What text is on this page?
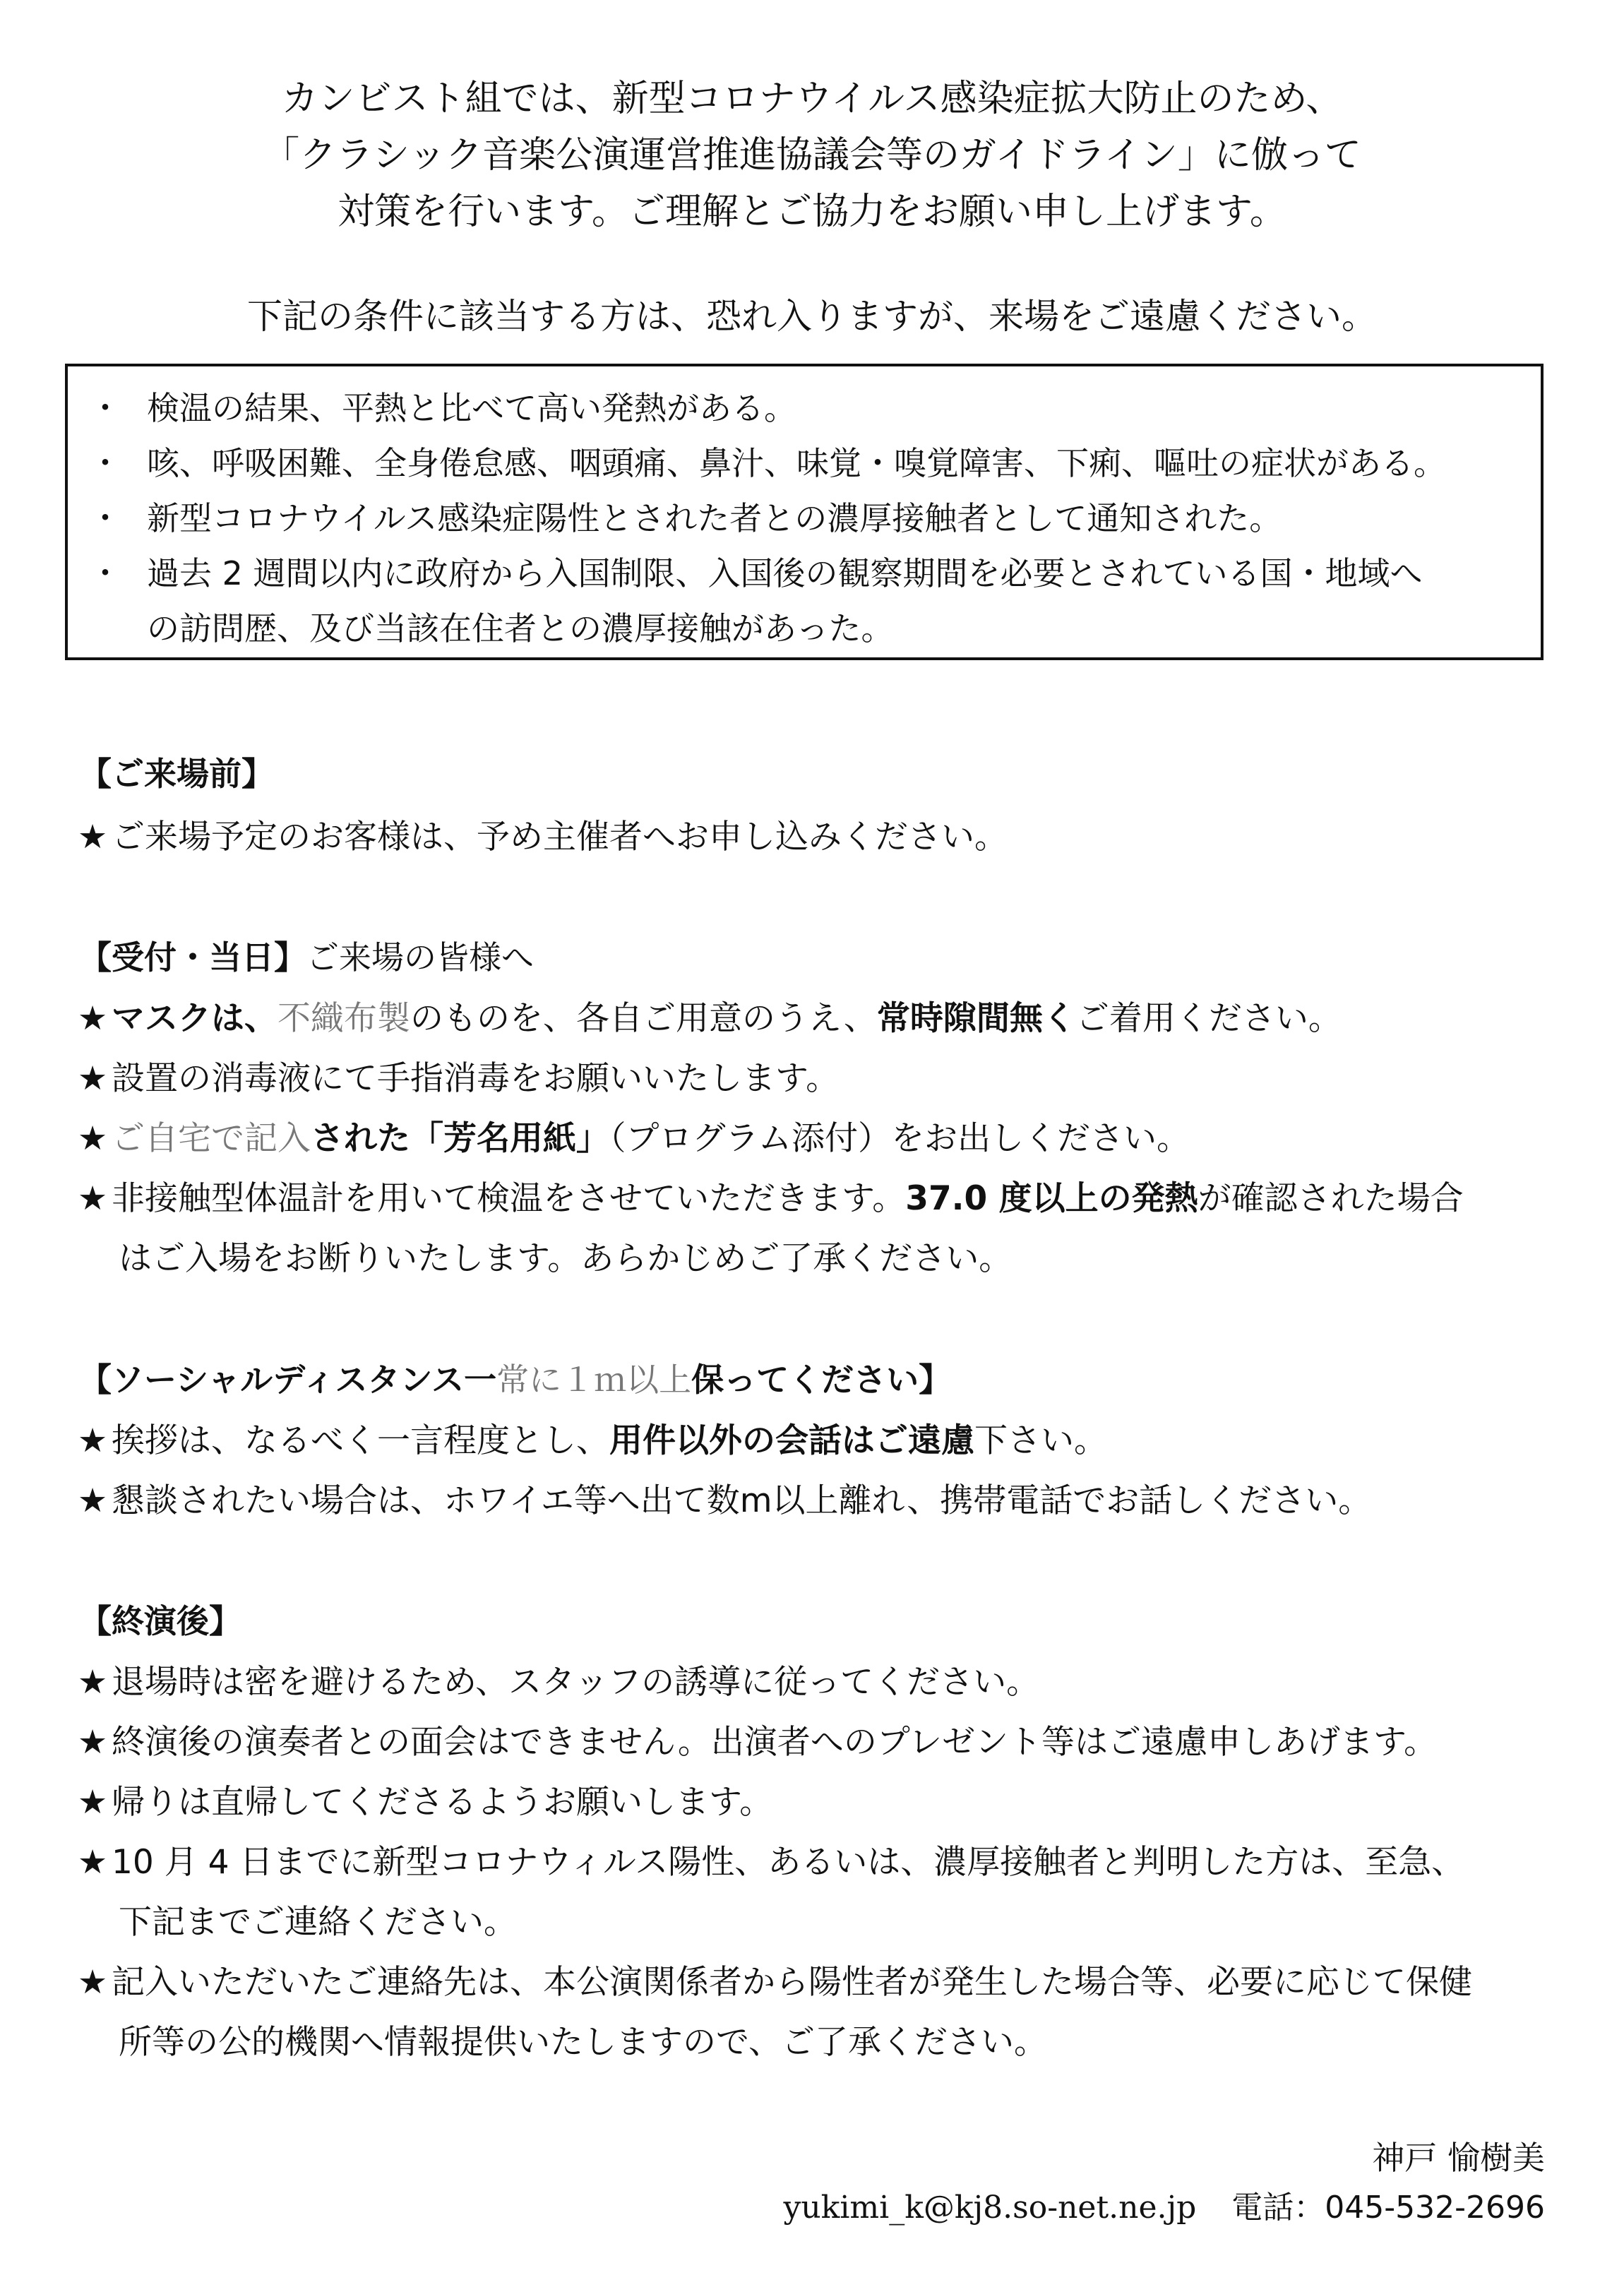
カンビスト組では、新型コロナウイルス感染症拡大防止のため、

「クラシック音楽公演運営推進協議会等のガイドライン」に倣って

対策を行います。ご理解とご協力をお願い申し上げます。

下記の条件に該当する方は、恐れ入りますが、来場をご遠慮ください。
・ 検温の結果、平熱と比べて高い発熱がある。
・ 咳、呼吸困難、全身倦怠感、咽頭痛、鼻汁、味覚・嗅覚障害、下痢、嘔吐の症状がある。
・ 新型コロナウイルス感染症陽性とされた者との濃厚接触者として通知された。
・ 過去 2 週間以内に政府から入国制限、入国後の観察期間を必要とされている国・地域へ
の訪問歴、及び当該在住者との濃厚接触があった。
【ご来場前】
★ ご来場予定のお客様は、予め主催者へお申し込みください。
【受付・当日】ご来場の皆様へ
★ マスクは、不織布製のものを、各自ご用意のうえ、常時隙間無くご着用ください。
★ 設置の消毒液にて手指消毒をお願いいたします。
★ ご自宅で記入された「芳名用紙」（プログラム添付）をお出しください。
★ 非接触型体温計を用いて検温をさせていただきます。37.0 度以上の発熱が確認された場合
はご入場をお断りいたします。あらかじめご了承ください。
【ソーシャルディスタンス一常に１ｍ以上保ってください】
★ 挨拶は、なるべく一言程度とし、用件以外の会話はご遠慮下さい。
★ 懇談されたい場合は、ホワイエ等へ出て数m以上離れ、携帯電話でお話しください。
【終演後】
★ 退場時は密を避けるため、スタッフの誘導に従ってください。
★ 終演後の演奏者との面会はできません。出演者へのプレゼント等はご遠慮申しあげます。
★ 帰りは直帰してくださるようお願いします。
★ 10 月 4 日までに新型コロナウィルス陽性、あるいは、濃厚接触者と判明した方は、至急、
下記までご連絡ください。
★ 記入いただいたご連絡先は、本公演関係者から陽性者が発生した場合等、必要に応じて保健
所等の公的機関へ情報提供いたしますので、ご了承ください。
神戸 愉樹美
yukimi_k@kj8.so-net.ne.jp 電話：045-532-2696
